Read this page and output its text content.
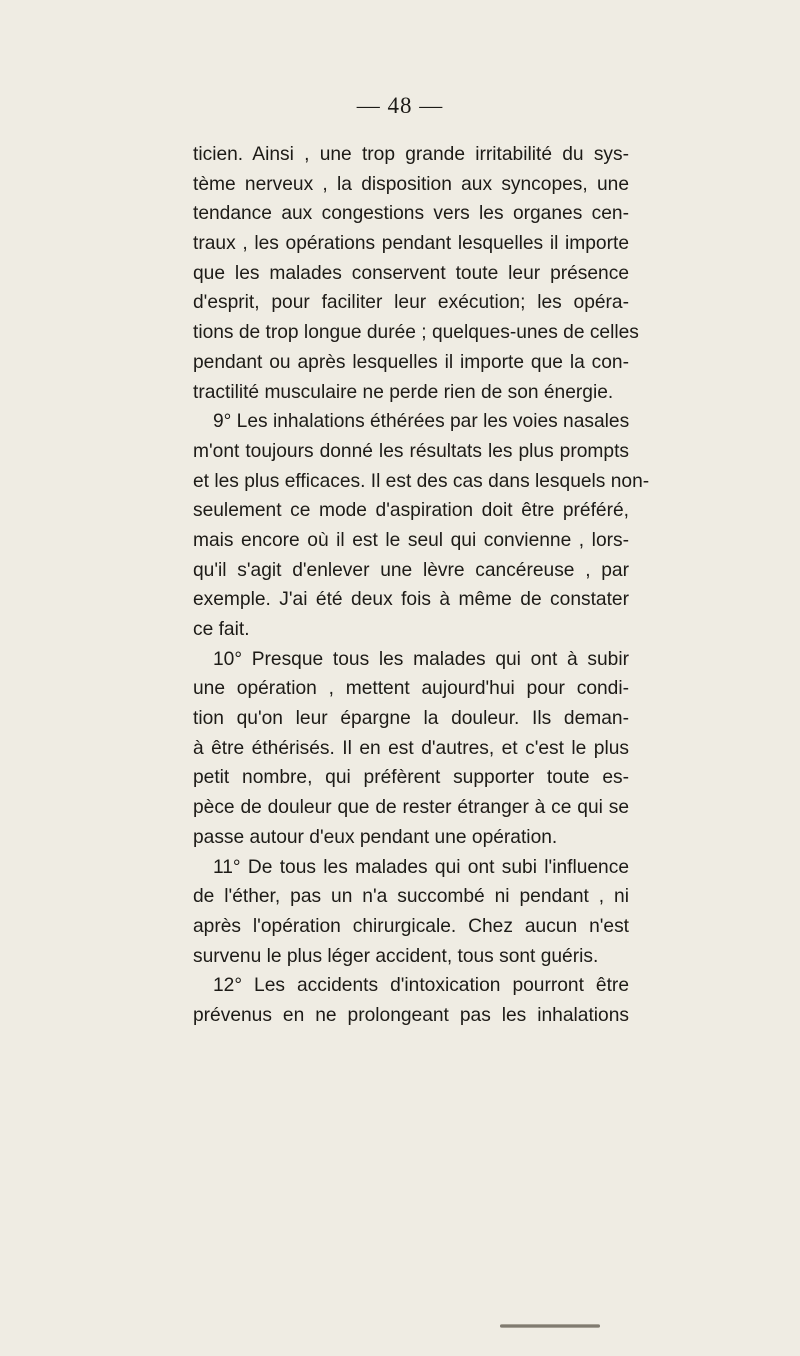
— 48 —
ticien. Ainsi , une trop grande irritabilité du sys-
tème nerveux , la disposition aux syncopes, une
tendance aux congestions vers les organes cen-
traux , les opérations pendant lesquelles il importe
que les malades conservent toute leur présence
d'esprit, pour faciliter leur exécution; les opéra-
tions de trop longue durée ; quelques-unes de celles
pendant ou après lesquelles il importe que la con-
tractilité musculaire ne perde rien de son énergie.
9° Les inhalations éthérées par les voies nasales
m'ont toujours donné les résultats les plus prompts
et les plus efficaces. Il est des cas dans lesquels non-
seulement ce mode d'aspiration doit être préféré,
mais encore où il est le seul qui convienne , lors-
qu'il s'agit d'enlever une lèvre cancéreuse , par
exemple. J'ai été deux fois à même de constater
ce fait.
10° Presque tous les malades qui ont à subir
une opération , mettent aujourd'hui pour condi-
tion qu'on leur épargne la douleur. Ils deman-
à être éthérisés. Il en est d'autres, et c'est le plus
petit nombre, qui préfèrent supporter toute es-
pèce de douleur que de rester étranger à ce qui se
passe autour d'eux pendant une opération.
11° De tous les malades qui ont subi l'influence
de l'éther, pas un n'a succombé ni pendant , ni
après l'opération chirurgicale. Chez aucun n'est
survenu le plus léger accident, tous sont guéris.
12° Les accidents d'intoxication pourront être
prévenus en ne prolongeant pas les inhalations
